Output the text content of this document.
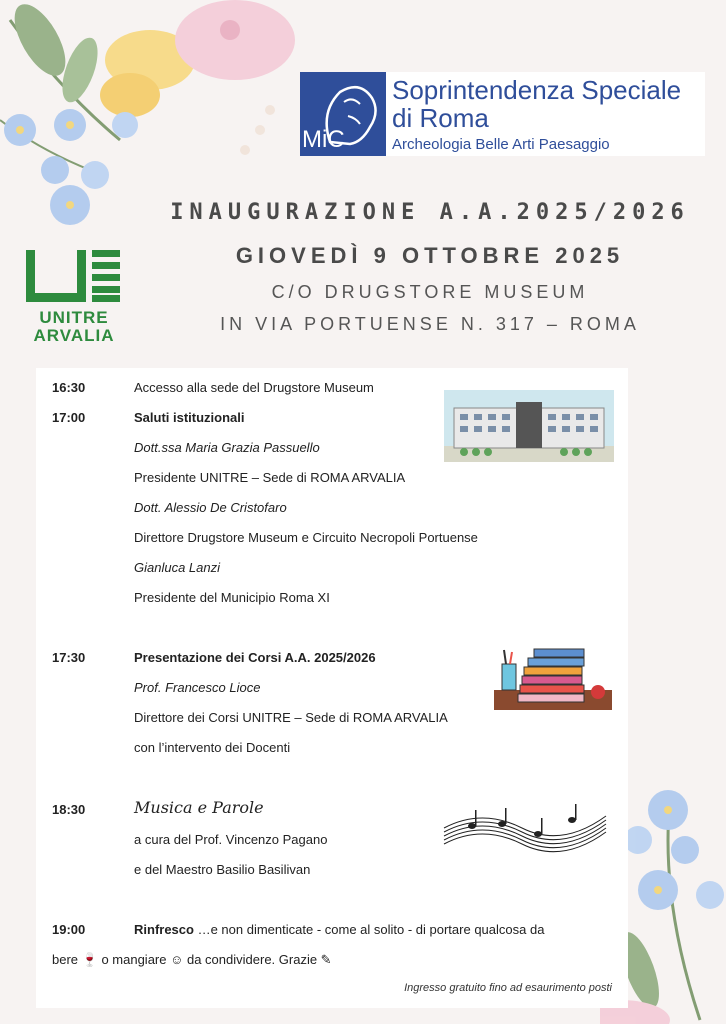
MiC
Soprintendenza Speciale
di Roma
Archeologia Belle Arti Paesaggio
UNITRE
ARVALIA
INAUGURAZIONE A.A.2025/2026
GIOVEDÌ 9 OTTOBRE 2025
C/O DRUGSTORE MUSEUM
IN VIA PORTUENSE N. 317 – ROMA
16:30	Accesso alla sede del Drugstore Museum
17:00	Saluti istituzionali
Dott.ssa Maria Grazia Passuello
Presidente UNITRE – Sede di ROMA ARVALIA
Dott. Alessio De Cristofaro
Direttore Drugstore Museum e Circuito Necropoli Portuense
Gianluca Lanzi
Presidente del Municipio Roma XI
17:30	Presentazione dei Corsi A.A. 2025/2026
Prof. Francesco Lioce
Direttore dei Corsi UNITRE – Sede di ROMA ARVALIA
con l’intervento dei Docenti
18:30	Musica e Parole
a cura del Prof. Vincenzo Pagano
e del Maestro Basilio Basilivan
19:00	Rinfresco …e non dimenticate - come al solito - di portare qualcosa da
bere 🍷 o mangiare ☺ da condividere. Grazie ✎
Ingresso gratuito fino ad esaurimento posti
